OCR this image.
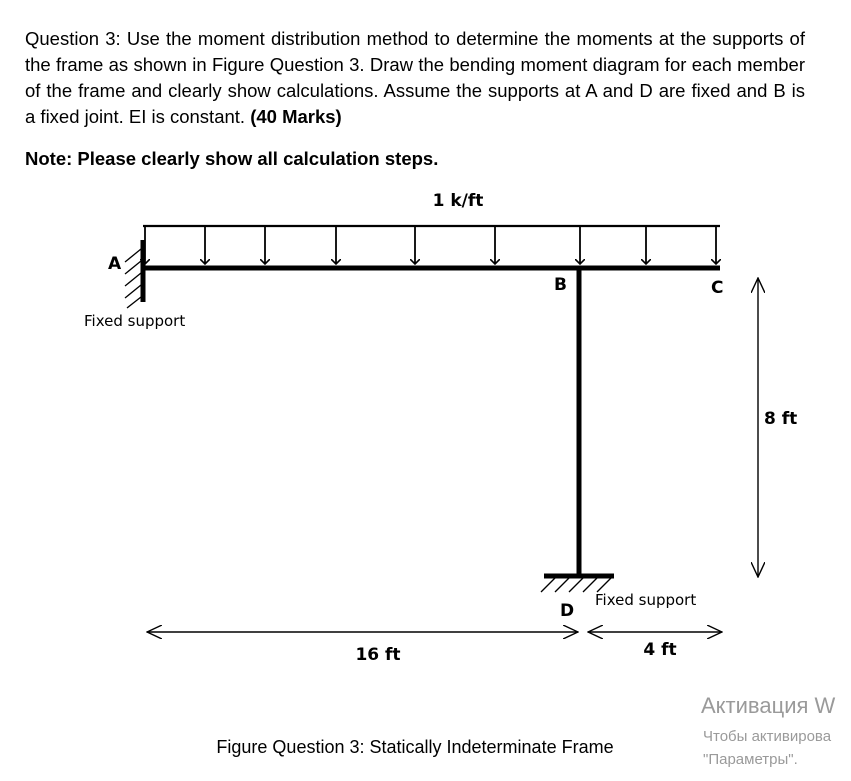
Question 3: Use the moment distribution method to determine the moments at the supports of the frame as shown in Figure Question 3. Draw the bending moment diagram for each member of the frame and clearly show calculations. Assume the supports at A and D are fixed and B is a fixed joint. EI is constant. (40 Marks)
Note: Please clearly show all calculation steps.
1 k/ft
A
B	C
D
Fixed support
Fixed support
16 ft	4 ft
8 ft
Figure Question 3: Statically Indeterminate Frame
Активация W
Чтобы активирова
"Параметры".
